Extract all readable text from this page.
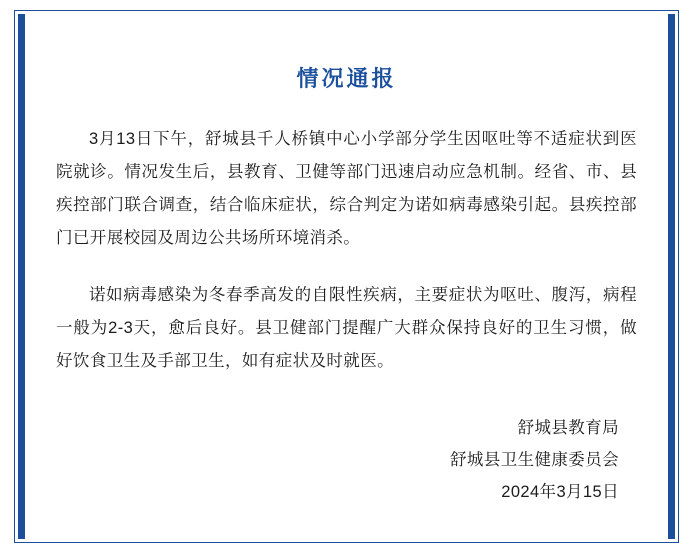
情况通报

3月13日下午，舒城县千人桥镇中心小学部分学生因呕吐等不适症状到医院就诊。情况发生后，县教育、卫健等部门迅速启动应急机制。经省、市、县疾控部门联合调查，结合临床症状，综合判定为诺如病毒感染引起。县疾控部门已开展校园及周边公共场所环境消杀。

诺如病毒感染为冬春季高发的自限性疾病，主要症状为呕吐、腹泻，病程一般为2-3天，愈后良好。县卫健部门提醒广大群众保持良好的卫生习惯，做好饮食卫生及手部卫生，如有症状及时就医。

舒城县教育局
舒城县卫生健康委员会
2024年3月15日
